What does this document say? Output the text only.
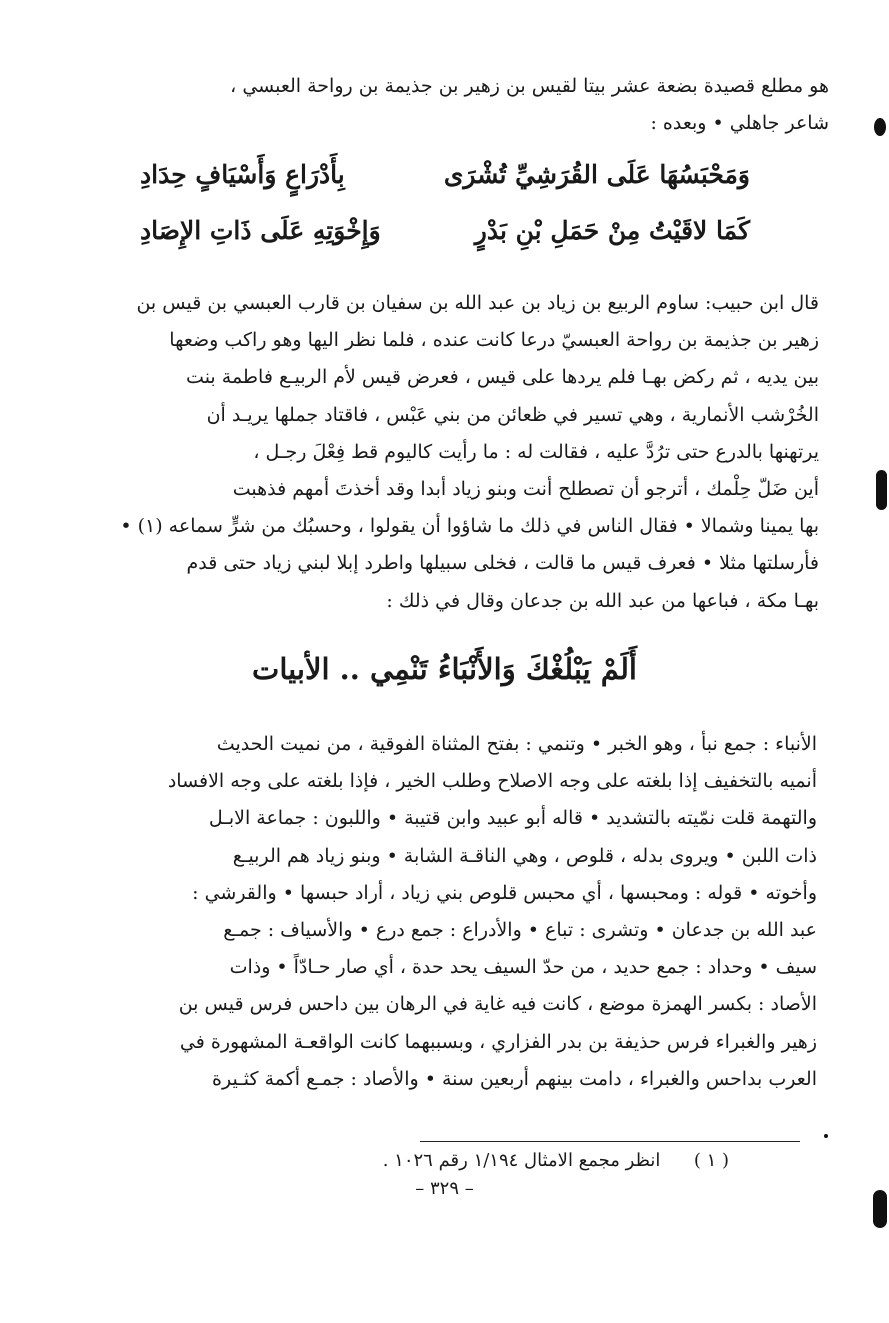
هو مطلع قصيدة بضعة عشر بيتا لقيس بن زهير بن جذيمة بن رواحة العبسي ،
شاعر جاهلي • وبعده :
وَمَحْبَسُهَا عَلَى القُرَشِيِّ تُشْرَى
بِأَدْرَاعٍ وَأَسْيَافٍ حِدَادِ
كَمَا لاقَيْتُ مِنْ حَمَلِ بْنِ بَدْرٍ
وَإِخْوَتِهِ عَلَى ذَاتِ الإِصَادِ
قال ابن حبيب: ساوم الربيع بن زياد بن عبد الله بن سفيان بن قارب العبسي بن قيس بن
زهير بن جذيمة بن رواحة العبسيّ درعا كانت عنده ، فلما نظر اليها وهو راكب وضعها
بين يديه ، ثم ركض بهـا فلم يردها على قيس ، فعرض قيس لأم الربيـع فاطمة بنت
الخُرْشب الأنمارية ، وهي تسير في ظعائن من بني عَبْس ، فاقتاد جملها يريـد أن
يرتهنها بالدرع حتى ترُدَّ عليه ، فقالت له : ما رأيت كاليوم قط فِعْلَ رجـل ،
أين ضَلّ حِلْمك ، أترجو أن تصطلح أنت وبنو زياد أبدا وقد أخذتَ أمهم فذهبت
بها يمينا وشمالا • فقال الناس في ذلك ما شاؤوا أن يقولوا ، وحسبُك من شرٍّ سماعه (١) •
فأرسلتها مثلا • فعرف قيس ما قالت ، فخلى سبيلها واطرد إبلا لبني زياد حتى قدم
بهـا مكة ، فباعها من عبد الله بن جدعان وقال في ذلك :
أَلَمْ يَبْلُغْكَ وَالأَنْبَاءُ تَنْمِي .. الأبيات
الأنباء : جمع نبأ ، وهو الخبر • وتنمي : بفتح المثناة الفوقية ، من نميت الحديث
أنميه بالتخفيف إذا بلغته على وجه الاصلاح وطلب الخير ، فإذا بلغته على وجه الافساد
والتهمة قلت نمّيته بالتشديد • قاله أبو عبيد وابن قتيبة • واللبون : جماعة الابـل
ذات اللبن • ويروى بدله ، قلوص ، وهي الناقـة الشابة • وبنو زياد هم الربيـع
وأخوته • قوله : ومحبسها ، أي محبس قلوص بني زياد ، أراد حبسها • والقرشي :
عبد الله بن جدعان • وتشرى : تباع • والأدراع : جمع درع • والأسياف : جمـع
سيف • وحداد : جمع حديد ، من حدّ السيف يحد حدة ، أي صار حـادّاً • وذات
الأصاد : بكسر الهمزة موضع ، كانت فيه غاية في الرهان بين داحس فرس قيس بن
زهير والغبراء فرس حذيفة بن بدر الفزاري ، وبسببهما كانت الواقعـة المشهورة في
العرب بداحس والغبراء ، دامت بينهم أربعين سنة • والأصاد : جمـع أكمة كثـيرة
( ١ )  انظر مجمع الامثال ١/١٩٤ رقم ١٠٢٦ .
– ٣٢٩ –
